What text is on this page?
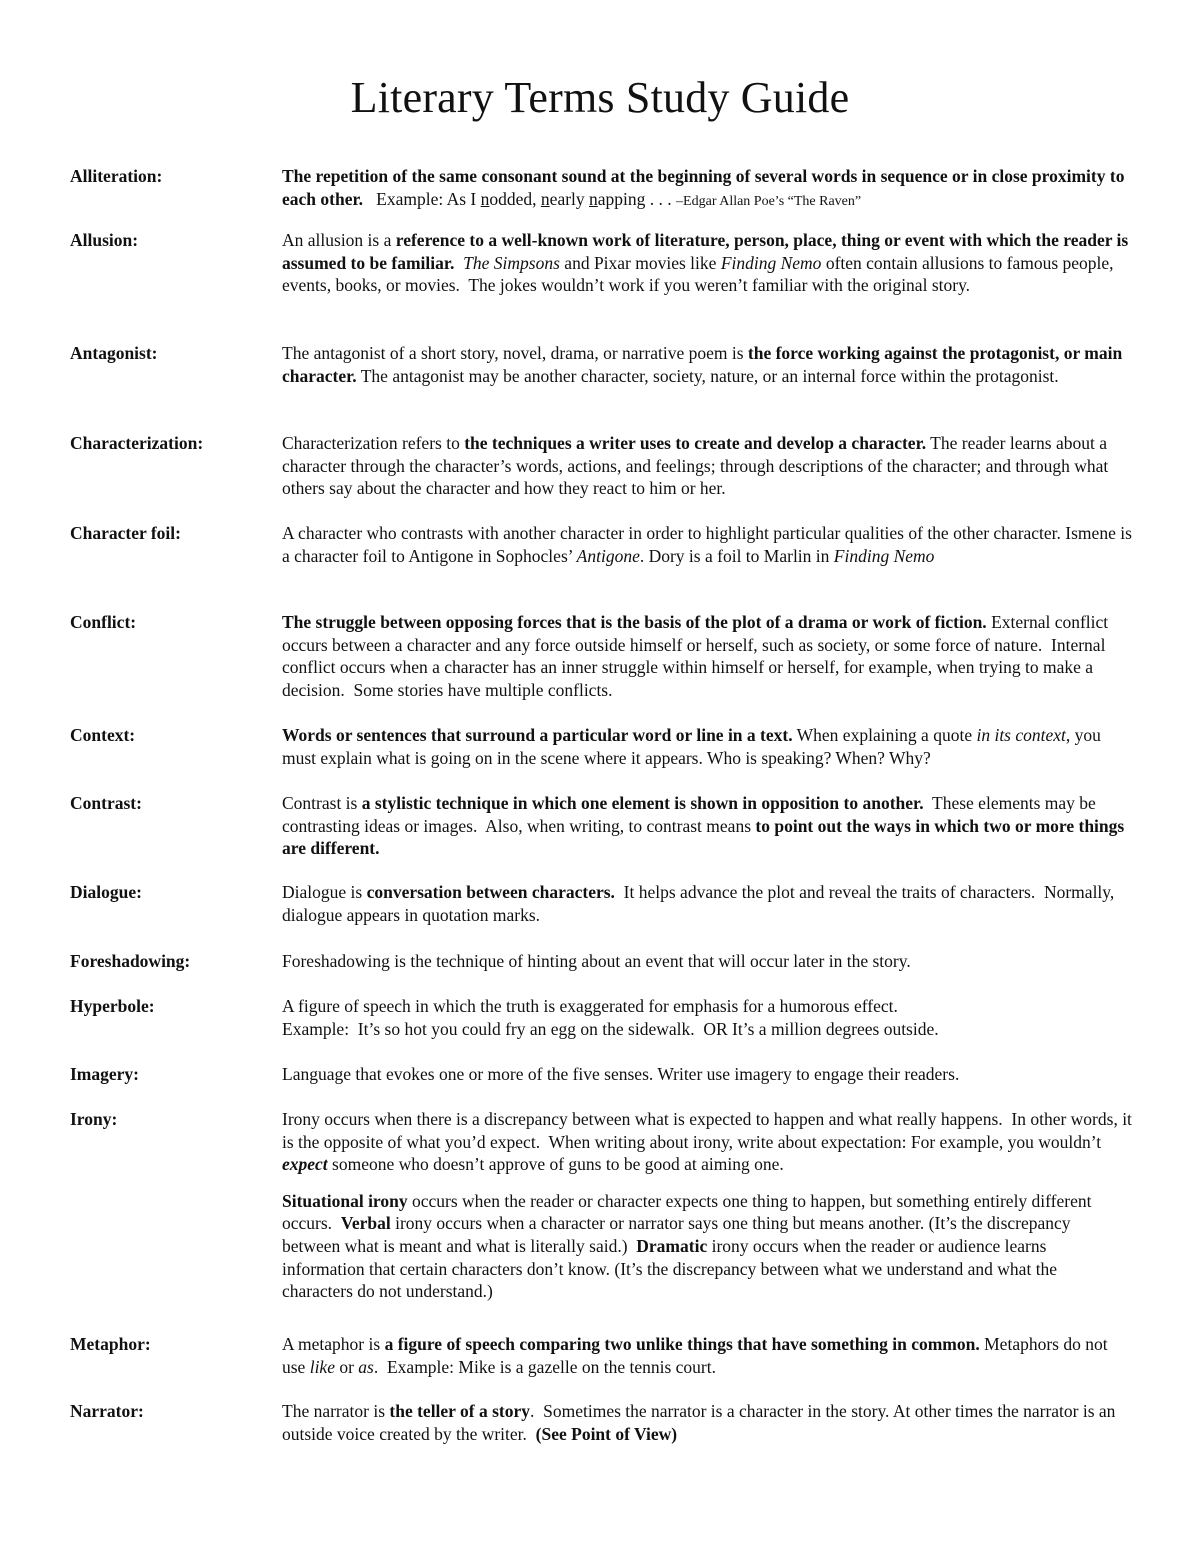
Literary Terms Study Guide
Alliteration:	The repetition of the same consonant sound at the beginning of several words in sequence or in close proximity to each other.   Example: As I nodded, nearly napping . . . –Edgar Allan Poe’s “The Raven”

Allusion:	An allusion is a reference to a well-known work of literature, person, place, thing or event with which the reader is assumed to be familiar. The Simpsons and Pixar movies like Finding Nemo often contain allusions to famous people, events, books, or movies.  The jokes wouldn’t work if you weren’t familiar with the original story.

Antagonist:	The antagonist of a short story, novel, drama, or narrative poem is the force working against the protagonist, or main character. The antagonist may be another character, society, nature, or an internal force within the protagonist.

Characterization:	Characterization refers to the techniques a writer uses to create and develop a character. The reader learns about a character through the character’s words, actions, and feelings; through descriptions of the character; and through what others say about the character and how they react to him or her.

Character foil:	A character who contrasts with another character in order to highlight particular qualities of the other character. Ismene is a character foil to Antigone in Sophocles’ Antigone. Dory is a foil to Marlin in Finding Nemo

Conflict:	The struggle between opposing forces that is the basis of the plot of a drama or work of fiction. External conflict occurs between a character and any force outside himself or herself, such as society, or some force of nature.  Internal conflict occurs when a character has an inner struggle within himself or herself, for example, when trying to make a decision.  Some stories have multiple conflicts.

Context:	Words or sentences that surround a particular word or line in a text. When explaining a quote in its context, you must explain what is going on in the scene where it appears. Who is speaking? When? Why?

Contrast:	Contrast is a stylistic technique in which one element is shown in opposition to another.  These elements may be contrasting ideas or images.  Also, when writing, to contrast means to point out the ways in which two or more things are different.

Dialogue:	Dialogue is conversation between characters.  It helps advance the plot and reveal the traits of characters.  Normally, dialogue appears in quotation marks.

Foreshadowing:	Foreshadowing is the technique of hinting about an event that will occur later in the story.

Hyperbole:	A figure of speech in which the truth is exaggerated for emphasis for a humorous effect.
Example:  It’s so hot you could fry an egg on the sidewalk.  OR It’s a million degrees outside.

Imagery:	Language that evokes one or more of the five senses. Writer use imagery to engage their readers.

Irony:	Irony occurs when there is a discrepancy between what is expected to happen and what really happens.  In other words, it is the opposite of what you’d expect.  When writing about irony, write about expectation: For example, you wouldn’t expect someone who doesn’t approve of guns to be good at aiming one.

Situational irony occurs when the reader or character expects one thing to happen, but something entirely different occurs.  Verbal irony occurs when a character or narrator says one thing but means another. (It’s the discrepancy between what is meant and what is literally said.)  Dramatic irony occurs when the reader or audience learns information that certain characters don’t know. (It’s the discrepancy between what we understand and what the characters do not understand.)

Metaphor:	A metaphor is a figure of speech comparing two unlike things that have something in common. Metaphors do not use like or as.  Example: Mike is a gazelle on the tennis court.

Narrator:	The narrator is the teller of a story.  Sometimes the narrator is a character in the story. At other times the narrator is an outside voice created by the writer.  (See Point of View)
